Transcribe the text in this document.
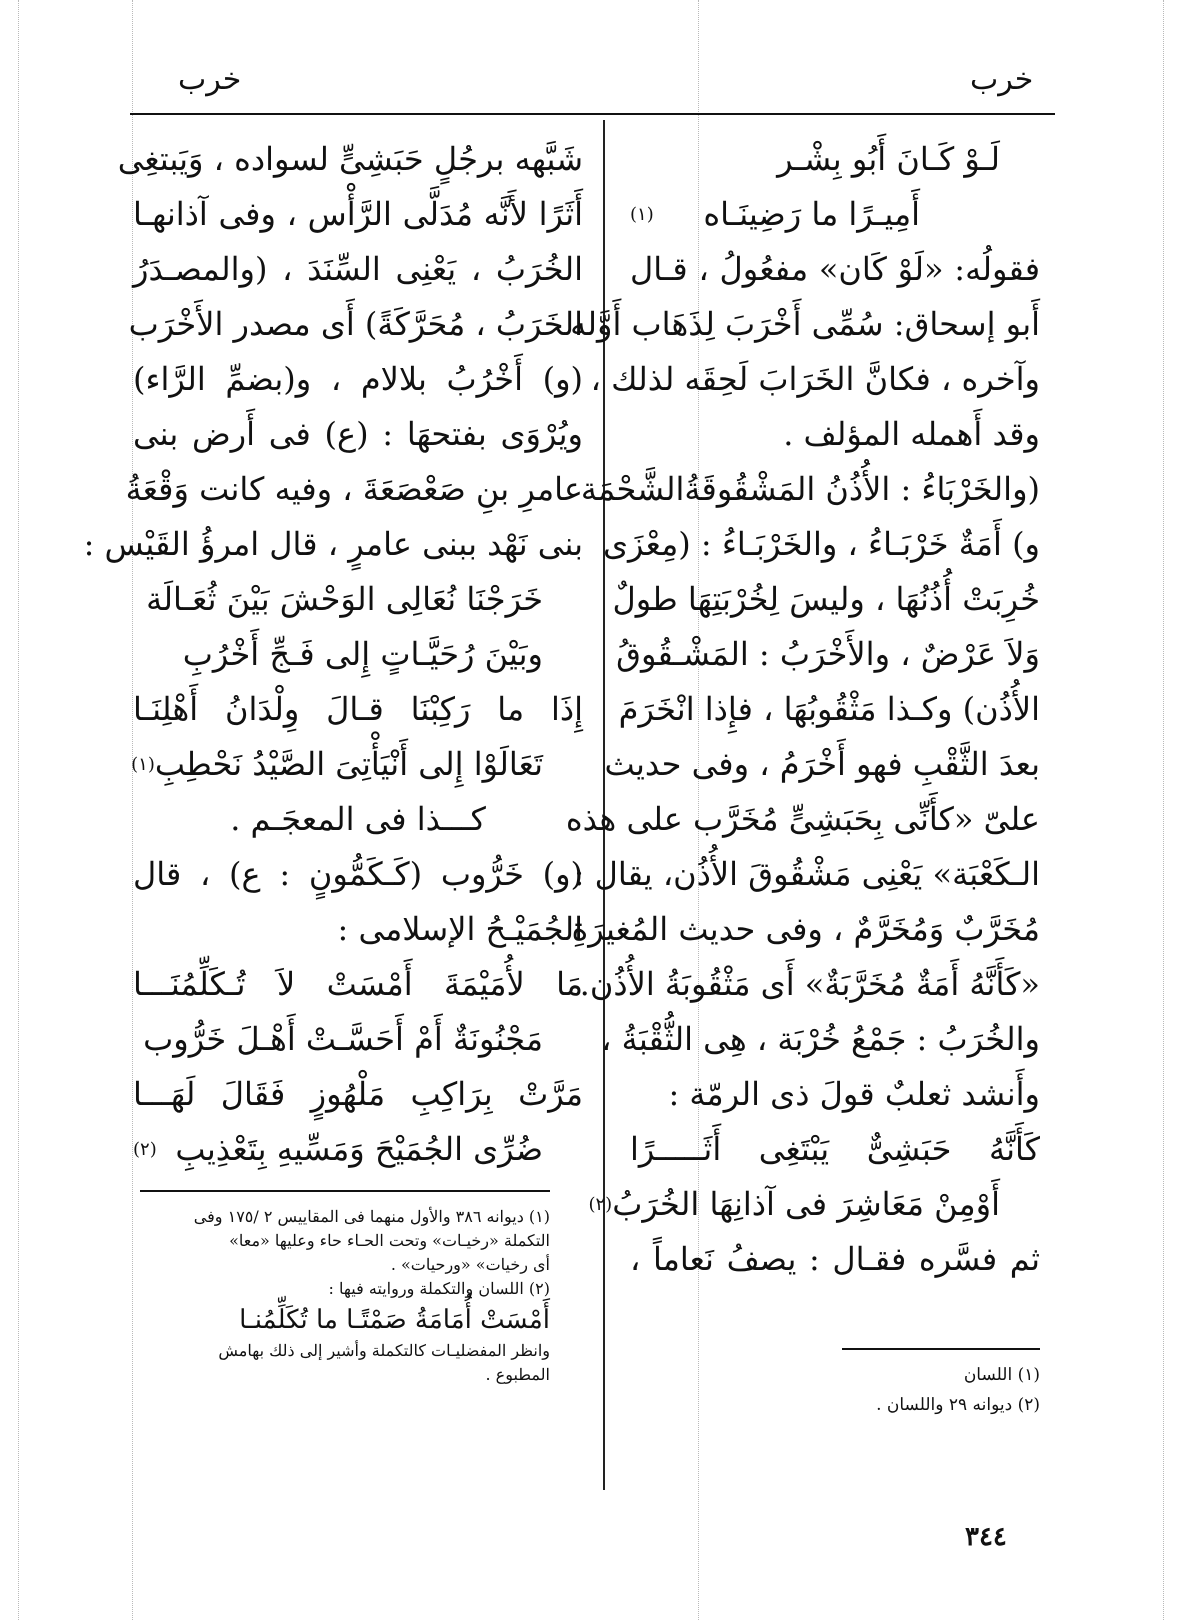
خرب	خرب
لَـوْ كَـانَ أَبُو بِشْـر
أَمِيـرًا ما رَضِينَـاه
(١)
فقولُه: «لَوْ كَان» مفعُولُ ، قـال
أَبو إسحاق: سُمِّى أَخْرَبَ لِذَهَاب أَوَّله
وآخره ، فكانَّ الخَرَابَ لَحِقَه لذلك ،
وقد أَهمله المؤلف .
(والخَرْبَاءُ : الأُذُنُ المَشْقُوقَةُالشَّحْمَة
و) أَمَةٌ خَرْبَـاءُ ، والخَرْبَـاءُ : (مِعْزَى
خُرِبَتْ أُذُنُهَا ، وليسَ لِخُرْبَتِهَا طولٌ
وَلاَ عَرْضٌ ، والأَخْرَبُ : المَشْـقُوقُ
الأُذُن) وكـذا مَثْقُوبُهَا ، فإِذا انْخَرَمَ
بعدَ الثَّقْبِ فهو أَخْرَمُ ، وفى حديث
علىّ «كأَنِّى بِحَبَشِىٍّ مُخَرَّب على هذه
الـكَعْبَة» يَعْنِى مَشْقُوقَ الأُذُن، يقال :
مُخَرَّبٌ وَمُخَرَّمٌ ، وفى حديث المُغيرَةِ
«كَأَنَّهُ أَمَةٌ مُخَرَّبَةٌ» أَى مَثْقُوبَةُ الأُذُن.
والخُرَبُ : جَمْعُ خُرْبَة ، هِى الثُّقْبَةُ ،
وأَنشد ثعلبٌ قولَ ذى الرمّة :
كَأَنَّهُ حَبَشِىٌّ يَبْتَغِى أَثَـــــرًا
أَوْمِنْ مَعَاشِرَ فى آذانِهَا الخُرَبُ
(٢)
ثم فسَّره فقـال : يصفُ نَعاماً ،
شَبَّهه برجُلٍ حَبَشِىٍّ لسواده ، وَيَبتغِى
أَثَرًا لأَنَّه مُدَلَّى الرَّأْس ، وفى آذانهـا
الخُرَبُ ، يَعْنِى السِّنَدَ ، (والمصـدَرُ
الخَرَبُ ، مُحَرَّكَةً) أَى مصدر الأَخْرَب
(و) أَخْرُبُ بلالام ، و(بضمِّ الرَّاء)
ويُرْوَى بفتحهَا : (ع) فى أَرض بنى
عامرِ بنِ صَعْصَعَةَ ، وفيه كانت وَقْعَةُ
بنى نَهْد ببنى عامرٍ ، قال امرؤُ القَيْس :
خَرَجْنَا نُعَالِى الوَحْشَ بَيْنَ ثُعَـالَة
وبَيْنَ رُحَيَّـاتٍ إِلى فَـجِّ أَخْرُبِ
إِذَا ما رَكِبْنَا قـالَ وِلْدَانُ أَهْلِنَـا
تَعَالَوْا إِلى أَنْيَأْتِىَ الصَّيْدُ نَحْطِبِ
(١)
كـــذا فى المعجَـم .
(و) خَرُّوب (كَـكَمُّونٍ : ع) ، قال
الجُمَيْـحُ الإسلامى :
مَا لأُمَيْمَةَ أَمْسَتْ لاَ تُـكَلِّمُنَـــا
مَجْنُونَةٌ أَمْ أَحَسَّـتْ أَهْـلَ خَرُّوب
مَرَّتْ بِرَاكِبِ مَلْهُوزٍ فَقَالَ لَهَـــا
ضُرِّى الجُمَيْحَ وَمَسِّيهِ بِتَعْذِيبِ
(٢)
(١) ديوانه ٣٨٦ والأول منهما فى المقاييس ٢ /١٧٥ وفى
التكملة «رخيـات» وتحت الحـاء حاء وعليها «معا»
أى رخيات» «ورحيات» .
(٢) اللسان والتكملة وروايته فيها :
أَمْسَتْ أُمَامَةُ صَمْتًـا ما تُكَلِّمُنـا
وانظر المفضليـات كالتكملة وأشير إلى ذلك بهامش
المطبوع .	(١) اللسان
(٢) ديوانه ٢٩ واللسان .
٣٤٤
